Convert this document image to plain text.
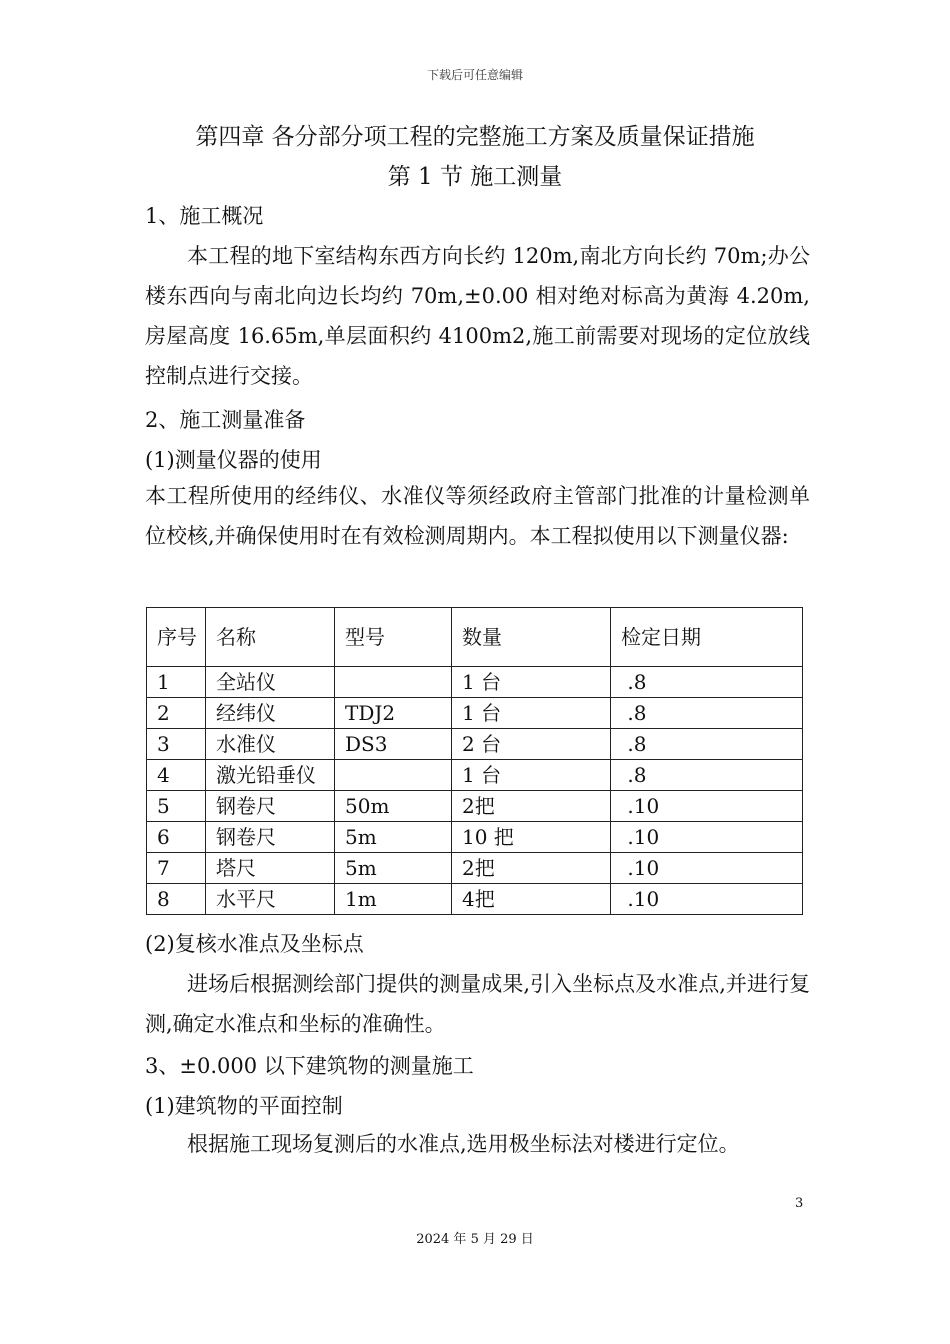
下载后可任意编辑
第四章 各分部分项工程的完整施工方案及质量保证措施
第 1 节 施工测量
1、施工概况

本工程的地下室结构东西方向长约 120m,南北方向长约 70m;办公楼东西向与南北向边长均约 70m,±0.00 相对绝对标高为黄海 4.20m,房屋高度 16.65m,单层面积约 4100m2,施工前需要对现场的定位放线控制点进行交接。

2、施工测量准备
(1)测量仪器的使用

本工程所使用的经纬仪、水准仪等须经政府主管部门批准的计量检测单位校核,并确保使用时在有效检测周期内。本工程拟使用以下测量仪器:

序号	名称	型号	数量	检定日期
1	全站仪		1 台	.8
2	经纬仪	TDJ2	1 台	.8
3	水准仪	DS3	2 台	.8
4	激光铅垂仪		1 台	.8
5	钢卷尺	50m	2把	.10
6	钢卷尺	5m	10 把	.10
7	塔尺	5m	2把	.10
8	水平尺	1m	4把	.10
(2)复核水准点及坐标点

进场后根据测绘部门提供的测量成果,引入坐标点及水准点,并进行复测,确定水准点和坐标的准确性。

3、±0.000 以下建筑物的测量施工
(1)建筑物的平面控制

根据施工现场复测后的水准点,选用极坐标法对楼进行定位。

3
2024 年 5 月 29 日
